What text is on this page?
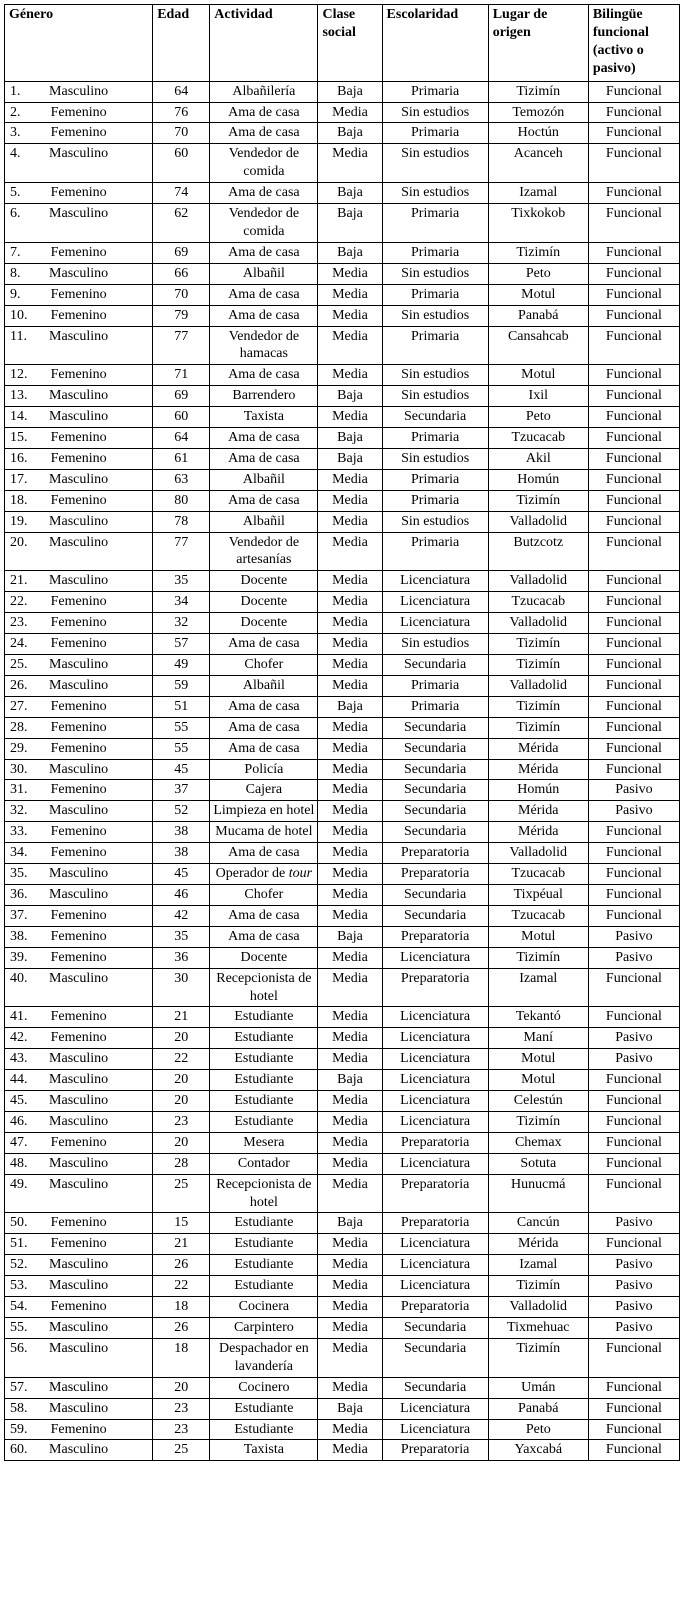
Género	Edad	Actividad	Clase social	Escolaridad	Lugar de origen	Bilingüe funcional (activo o pasivo)

1. Masculino	64	Albañilería	Baja	Primaria	Tizimín	Funcional

2. Femenino	76	Ama de casa	Media	Sin estudios	Temozón	Funcional

3. Femenino	70	Ama de casa	Baja	Primaria	Hoctún	Funcional

4. Masculino	60	Vendedor de comida	Media	Sin estudios	Acanceh	Funcional

5. Femenino	74	Ama de casa	Baja	Sin estudios	Izamal	Funcional

6. Masculino	62	Vendedor de comida	Baja	Primaria	Tixkokob	Funcional

7. Femenino	69	Ama de casa	Baja	Primaria	Tizimín	Funcional

8. Masculino	66	Albañil	Media	Sin estudios	Peto	Funcional

9. Femenino	70	Ama de casa	Media	Primaria	Motul	Funcional

10. Femenino	79	Ama de casa	Media	Sin estudios	Panabá	Funcional

11. Masculino	77	Vendedor de hamacas	Media	Primaria	Cansahcab	Funcional

12. Femenino	71	Ama de casa	Media	Sin estudios	Motul	Funcional

13. Masculino	69	Barrendero	Baja	Sin estudios	Ixil	Funcional

14. Masculino	60	Taxista	Media	Secundaria	Peto	Funcional

15. Femenino	64	Ama de casa	Baja	Primaria	Tzucacab	Funcional

16. Femenino	61	Ama de casa	Baja	Sin estudios	Akil	Funcional

17. Masculino	63	Albañil	Media	Primaria	Homún	Funcional

18. Femenino	80	Ama de casa	Media	Primaria	Tizimín	Funcional

19. Masculino	78	Albañil	Media	Sin estudios	Valladolid	Funcional

20. Masculino	77	Vendedor de artesanías	Media	Primaria	Butzcotz	Funcional

21. Masculino	35	Docente	Media	Licenciatura	Valladolid	Funcional

22. Femenino	34	Docente	Media	Licenciatura	Tzucacab	Funcional

23. Femenino	32	Docente	Media	Licenciatura	Valladolid	Funcional

24. Femenino	57	Ama de casa	Media	Sin estudios	Tizimín	Funcional

25. Masculino	49	Chofer	Media	Secundaria	Tizimín	Funcional

26. Masculino	59	Albañil	Media	Primaria	Valladolid	Funcional

27. Femenino	51	Ama de casa	Baja	Primaria	Tizimín	Funcional

28. Femenino	55	Ama de casa	Media	Secundaria	Tizimín	Funcional

29. Femenino	55	Ama de casa	Media	Secundaria	Mérida	Funcional

30. Masculino	45	Policía	Media	Secundaria	Mérida	Funcional

31. Femenino	37	Cajera	Media	Secundaria	Homún	Pasivo

32. Masculino	52	Limpieza en hotel	Media	Secundaria	Mérida	Pasivo

33. Femenino	38	Mucama de hotel	Media	Secundaria	Mérida	Funcional

34. Femenino	38	Ama de casa	Media	Preparatoria	Valladolid	Funcional

35. Masculino	45	Operador de tour	Media	Preparatoria	Tzucacab	Funcional

36. Masculino	46	Chofer	Media	Secundaria	Tixpéual	Funcional

37. Femenino	42	Ama de casa	Media	Secundaria	Tzucacab	Funcional

38. Femenino	35	Ama de casa	Baja	Preparatoria	Motul	Pasivo

39. Femenino	36	Docente	Media	Licenciatura	Tizimín	Pasivo

40. Masculino	30	Recepcionista de hotel	Media	Preparatoria	Izamal	Funcional

41. Femenino	21	Estudiante	Media	Licenciatura	Tekantó	Funcional

42. Femenino	20	Estudiante	Media	Licenciatura	Maní	Pasivo

43. Masculino	22	Estudiante	Media	Licenciatura	Motul	Pasivo

44. Masculino	20	Estudiante	Baja	Licenciatura	Motul	Funcional

45. Masculino	20	Estudiante	Media	Licenciatura	Celestún	Funcional

46. Masculino	23	Estudiante	Media	Licenciatura	Tizimín	Funcional

47. Femenino	20	Mesera	Media	Preparatoria	Chemax	Funcional

48. Masculino	28	Contador	Media	Licenciatura	Sotuta	Funcional

49. Masculino	25	Recepcionista de hotel	Media	Preparatoria	Hunucmá	Funcional

50. Femenino	15	Estudiante	Baja	Preparatoria	Cancún	Pasivo

51. Femenino	21	Estudiante	Media	Licenciatura	Mérida	Funcional

52. Masculino	26	Estudiante	Media	Licenciatura	Izamal	Pasivo

53. Masculino	22	Estudiante	Media	Licenciatura	Tizimín	Pasivo

54. Femenino	18	Cocinera	Media	Preparatoria	Valladolid	Pasivo

55. Masculino	26	Carpintero	Media	Secundaria	Tixmehuac	Pasivo

56. Masculino	18	Despachador en lavandería	Media	Secundaria	Tizimín	Funcional

57. Masculino	20	Cocinero	Media	Secundaria	Umán	Funcional

58. Masculino	23	Estudiante	Baja	Licenciatura	Panabá	Funcional

59. Femenino	23	Estudiante	Media	Licenciatura	Peto	Funcional

60. Masculino	25	Taxista	Media	Preparatoria	Yaxcabá	Funcional
